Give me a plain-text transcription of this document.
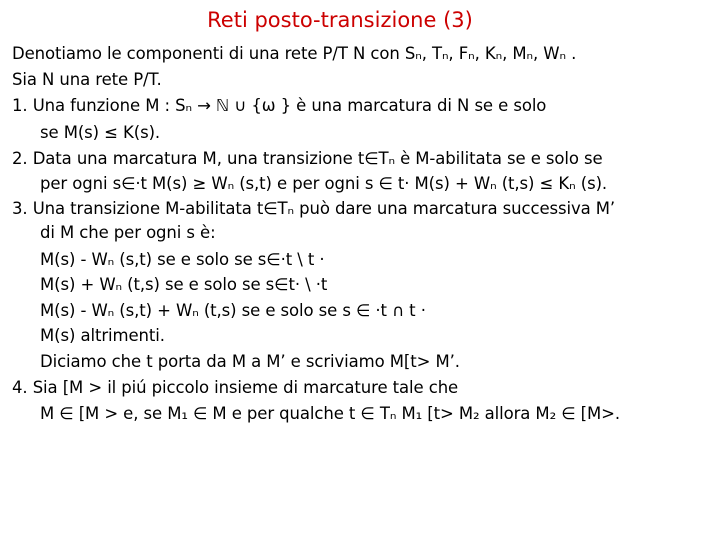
Reti posto-transizione (3)
Denotiamo le componenti di una rete P/T N con Sₙ, Tₙ, Fₙ, Kₙ, Mₙ, Wₙ .
Sia N una rete P/T.
1. Una funzione M : Sₙ → ℕ ∪ {ω } è una marcatura di N se e solo
se M(s) ≤ K(s).
2. Data una marcatura M, una transizione t∈Tₙ è M-abilitata se e solo se
per ogni s∈·t M(s) ≥ Wₙ (s,t) e per ogni s ∈ t· M(s) + Wₙ (t,s) ≤ Kₙ (s).
3. Una transizione M-abilitata t∈Tₙ può dare una marcatura successiva M’
di M che per ogni s è:
M(s) - Wₙ (s,t) se e solo se s∈·t \ t ·
M(s) + Wₙ (t,s) se e solo se s∈t· \ ·t
M(s) - Wₙ (s,t) + Wₙ (t,s) se e solo se s ∈ ·t ∩ t ·
M(s) altrimenti.
Diciamo che t porta da M a M’ e scriviamo M[t> M’.
4. Sia [M > il piú piccolo insieme di marcature tale che
M ∈ [M > e, se M₁ ∈ M e per qualche t ∈ Tₙ M₁ [t> M₂ allora M₂ ∈ [M>.
